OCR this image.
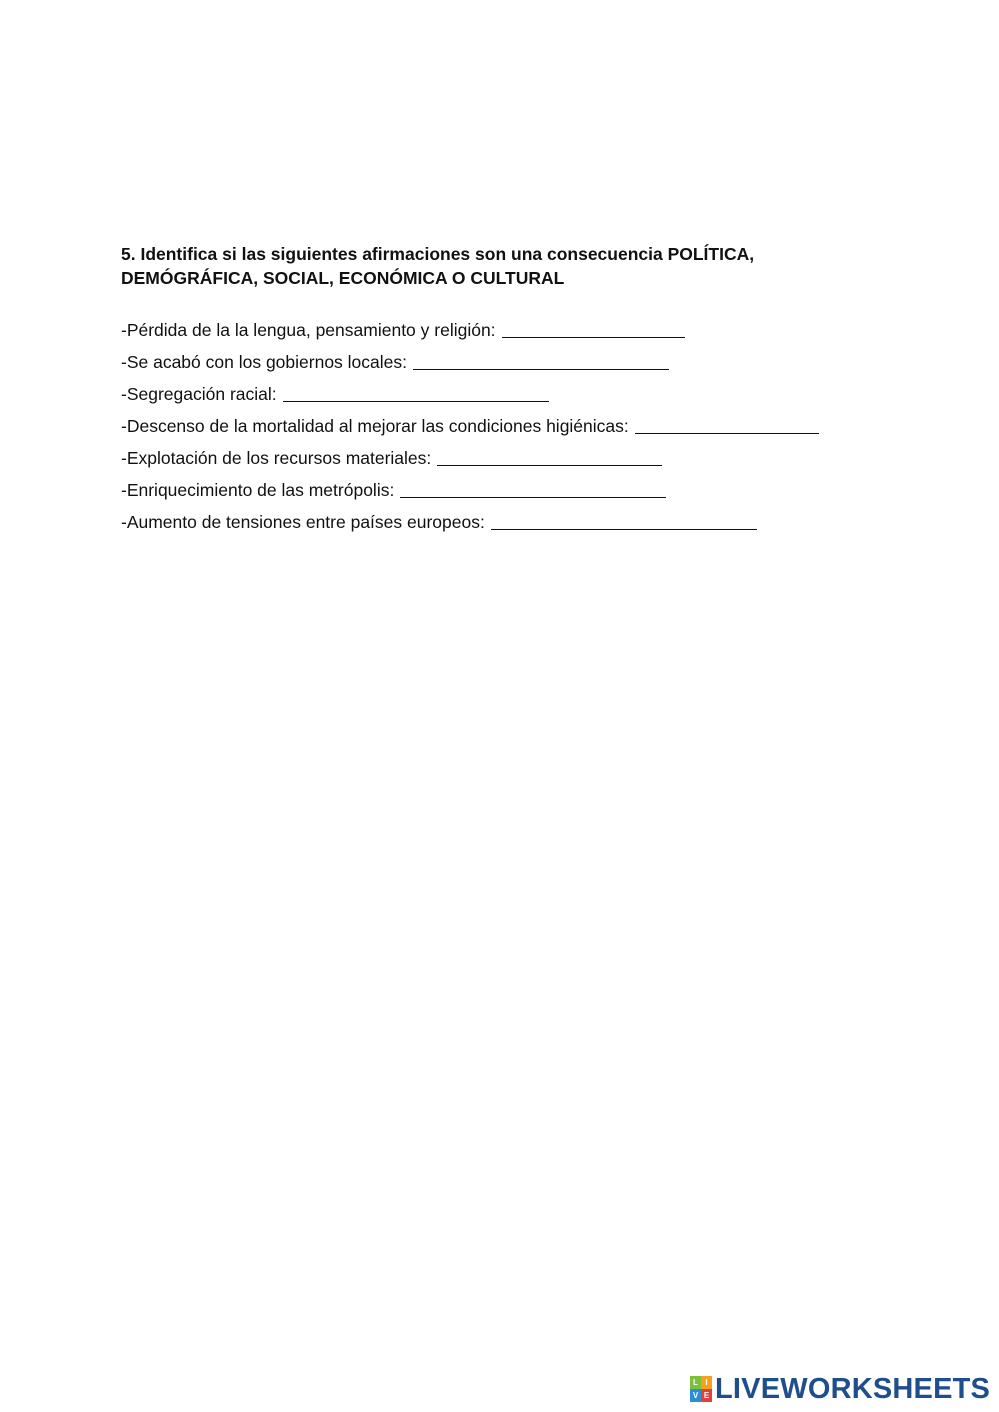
5. Identifica si las siguientes afirmaciones son una consecuencia POLÍTICA,
DEMÓGRÁFICA, SOCIAL, ECONÓMICA O CULTURAL
-Pérdida de la la lengua, pensamiento y religión:
-Se acabó con los gobiernos locales:
-Segregación racial:
-Descenso de la mortalidad al mejorar las condiciones higiénicas:
-Explotación de los recursos materiales:
-Enriquecimiento de las metrópolis:
-Aumento de tensiones entre países europeos:
L I
V E LIVEWORKSHEETS
